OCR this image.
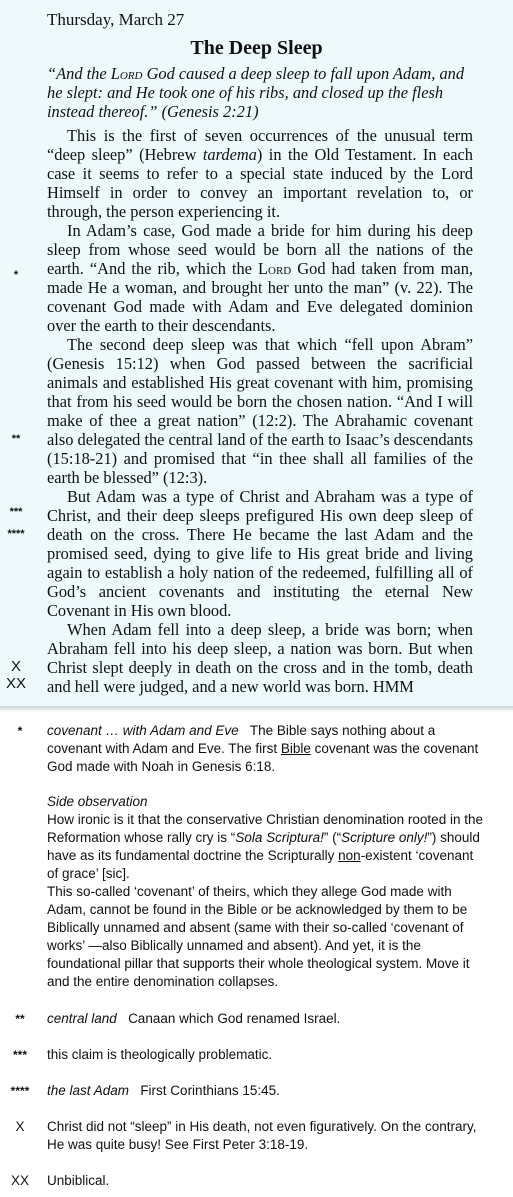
Thursday, March 27
The Deep Sleep
“And the Lord God caused a deep sleep to fall upon Adam, and he slept: and He took one of his ribs, and closed up the flesh instead thereof.” (Genesis 2:21)

This is the first of seven occurrences of the unusual term “deep sleep” (Hebrew tardema) in the Old Testament. In each case it seems to refer to a special state induced by the Lord Himself in order to convey an important revelation to, or through, the person experiencing it.

In Adam’s case, God made a bride for him during his deep sleep from whose seed would be born all the nations of the earth. “And the rib, which the Lord God had taken from man, made He a woman, and brought her unto the man” (v. 22). The covenant God made with Adam and Eve delegated dominion over the earth to their descendants.

The second deep sleep was that which “fell upon Abram” (Genesis 15:12) when God passed between the sacrificial animals and established His great covenant with him, promising that from his seed would be born the chosen nation. “And I will make of thee a great nation” (12:2). The Abrahamic covenant also delegated the central land of the earth to Isaac’s descendants (15:18-21) and promised that “in thee shall all families of the earth be blessed” (12:3).

But Adam was a type of Christ and Abraham was a type of Christ, and their deep sleeps prefigured His own deep sleep of death on the cross. There He became the last Adam and the promised seed, dying to give life to His great bride and living again to establish a holy nation of the redeemed, fulfilling all of God’s ancient covenants and instituting the eternal New Covenant in His own blood.

When Adam fell into a deep sleep, a bride was born; when Abraham fell into his deep sleep, a nation was born. But when Christ slept deeply in death on the cross and in the tomb, death and hell were judged, and a new world was born. HMM

*
**
***
****
X
XX
*	covenant … with Adam and Eve The Bible says nothing about a covenant with Adam and Eve. The first Bible covenant was the covenant God made with Noah in Genesis 6:18.
Side observation
How ironic is it that the conservative Christian denomination rooted in the Reformation whose rally cry is “Sola Scriptura!” (“Scripture only!”) should have as its fundamental doctrine the Scripturally non-existent ‘covenant of grace’ [sic].
This so-called ‘covenant’ of theirs, which they allege God made with Adam, cannot be found in the Bible or be acknowledged by them to be Biblically unnamed and absent (same with their so-called ‘covenant of works’ —also Biblically unnamed and absent). And yet, it is the foundational pillar that supports their whole theological system. Move it and the entire denomination collapses.
**	central land Canaan which God renamed Israel.
***	this claim is theologically problematic.
****	the last Adam First Corinthians 15:45.
X	Christ did not “sleep” in His death, not even figuratively. On the contrary, He was quite busy! See First Peter 3:18-19.
XX	Unbiblical.
